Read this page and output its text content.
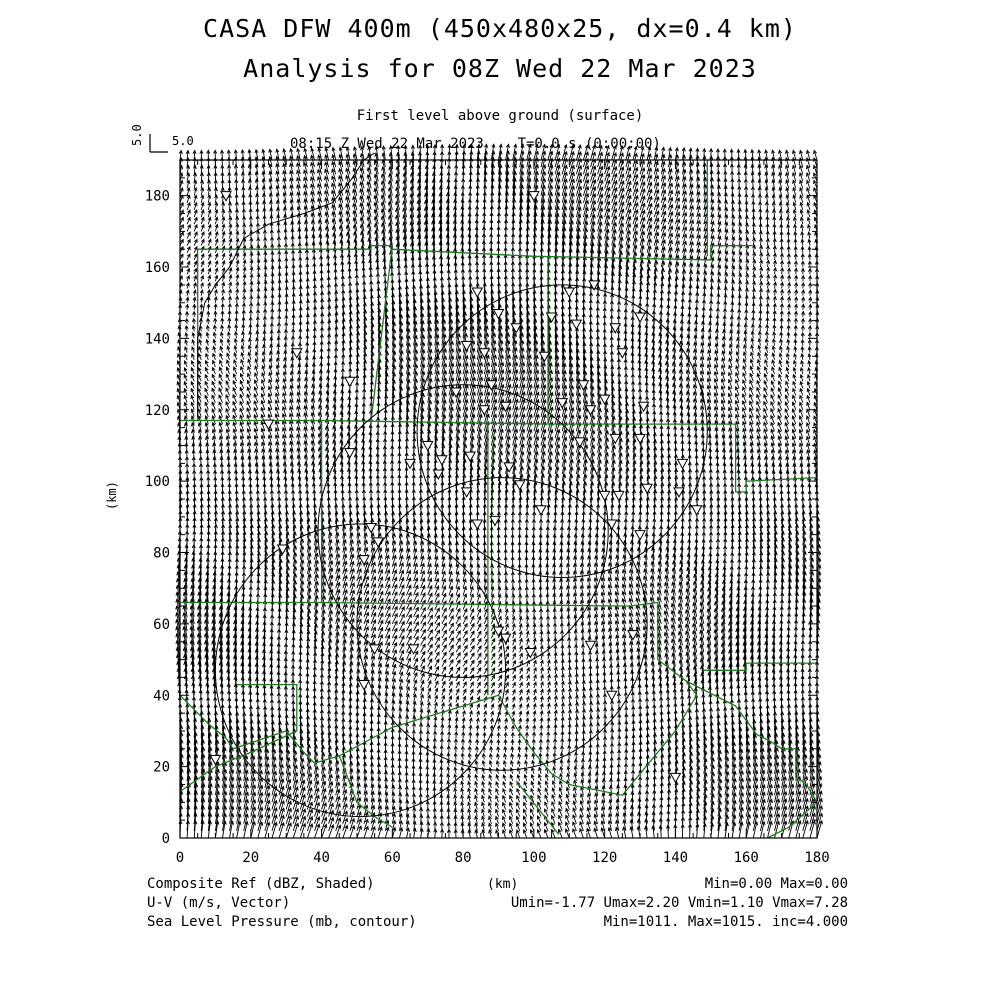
CASA DFW 400m (450x480x25, dx=0.4 km)
Analysis for 08Z Wed 22 Mar 2023
First level above ground (surface)
08:15 Z Wed 22 Mar 2023    T=0.0 s (0:00:00)
5.0
5.0
(km)
(km)
0	20	40	60	80	100	120	140	160	180
0
20
40
60
80
100
120
140
160
180
Composite Ref (dBZ, Shaded)
U-V (m/s, Vector)
Sea Level Pressure (mb, contour)
Min=0.00 Max=0.00
Umin=-1.77 Umax=2.20 Vmin=1.10 Vmax=7.28
Min=1011. Max=1015. inc=4.000
